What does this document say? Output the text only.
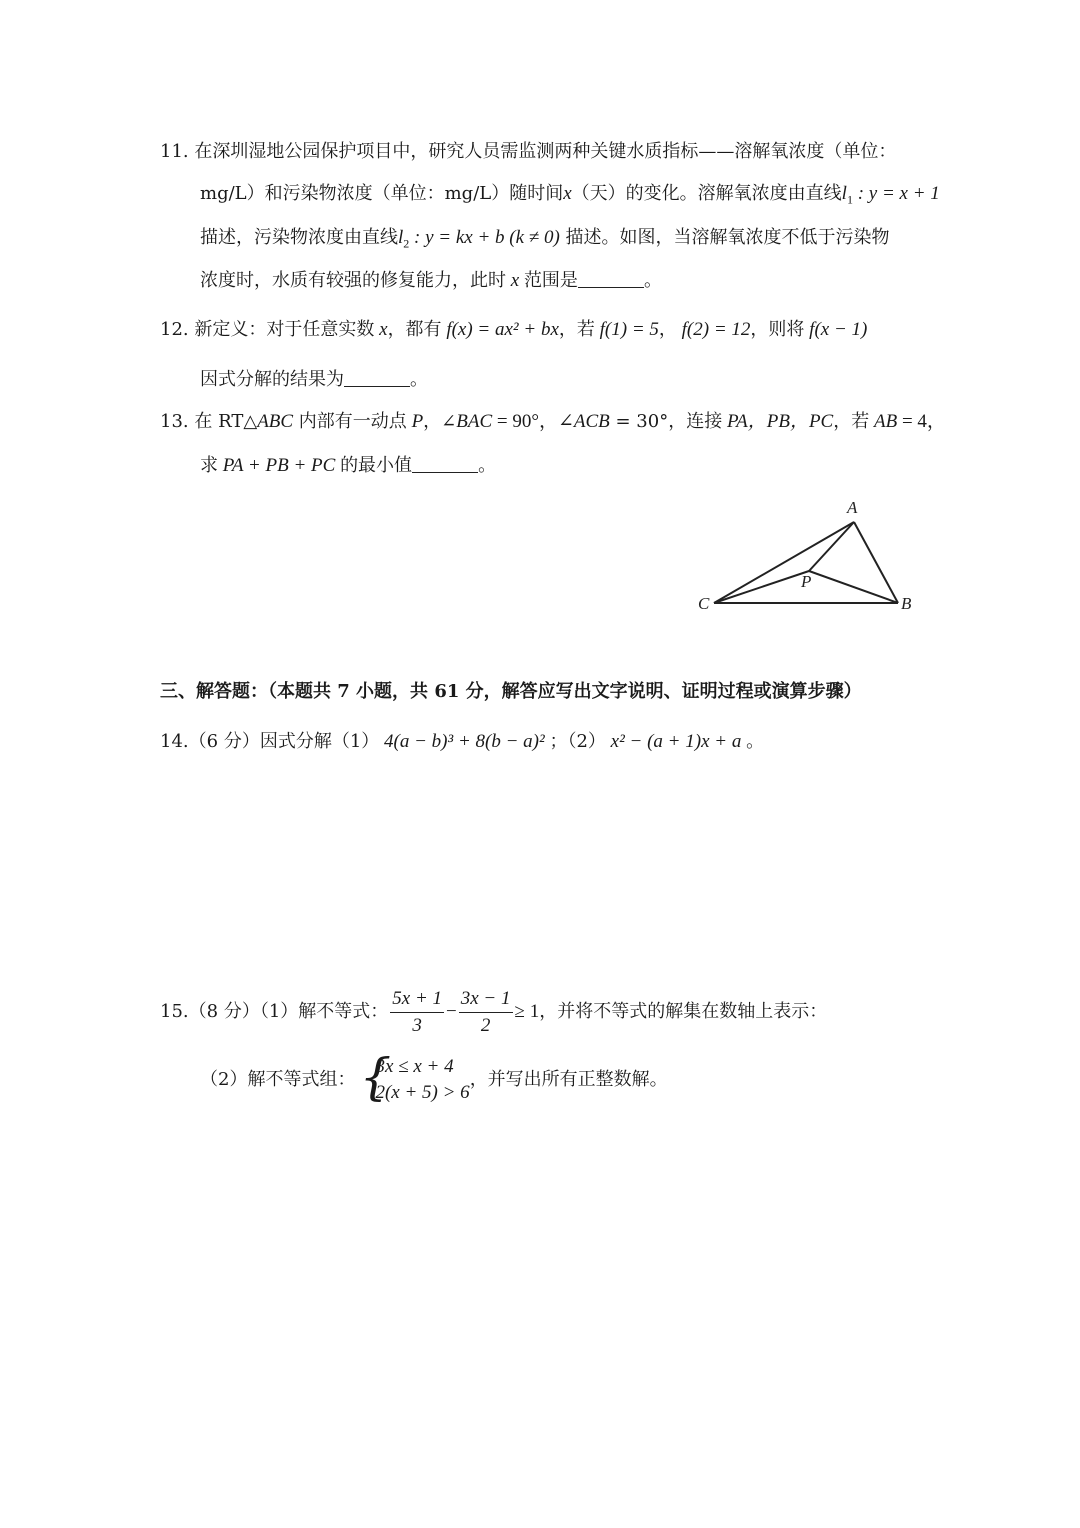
11. 在深圳湿地公园保护项目中，研究人员需监测两种关键水质指标——溶解氧浓度（单位：
mg/L）和污染物浓度（单位：mg/L）随时间x（天）的变化。溶解氧浓度由直线$l_1$ : y = x + 1
描述，污染物浓度由直线$l_2$ : y = kx + b (k ≠ 0) 描述。如图，当溶解氧浓度不低于污染物
浓度时，水质有较强的修复能力，此时 x 范围是	。
12. 新定义：对于任意实数 x，都有 f(x) = ax² + bx，若 f(1) = 5， f(2) = 12，则将 f(x − 1)
因式分解的结果为	。
13. 在 RT△ABC 内部有一动点 P，∠BAC = 90°，∠ACB = 30°，连接 PA，PB，PC，若 AB = 4，
求 PA + PB + PC 的最小值	。
A
B
C
P
三、解答题：（本题共 7 小题，共 61 分，解答应写出文字说明、证明过程或演算步骤）
14.（6 分）因式分解（1） 4(a − b)³ + 8(b − a)² ；（2） x² − (a + 1)x + a 。
15.（8 分）（1）解不等式： $\frac{5x + 1}{3} - \frac{3x - 1}{2} \ge 1$，并将不等式的解集在数轴上表示：
（2）解不等式组： {
3x ≤ x + 4
2(x + 5) > 6
，并写出所有正整数解。
